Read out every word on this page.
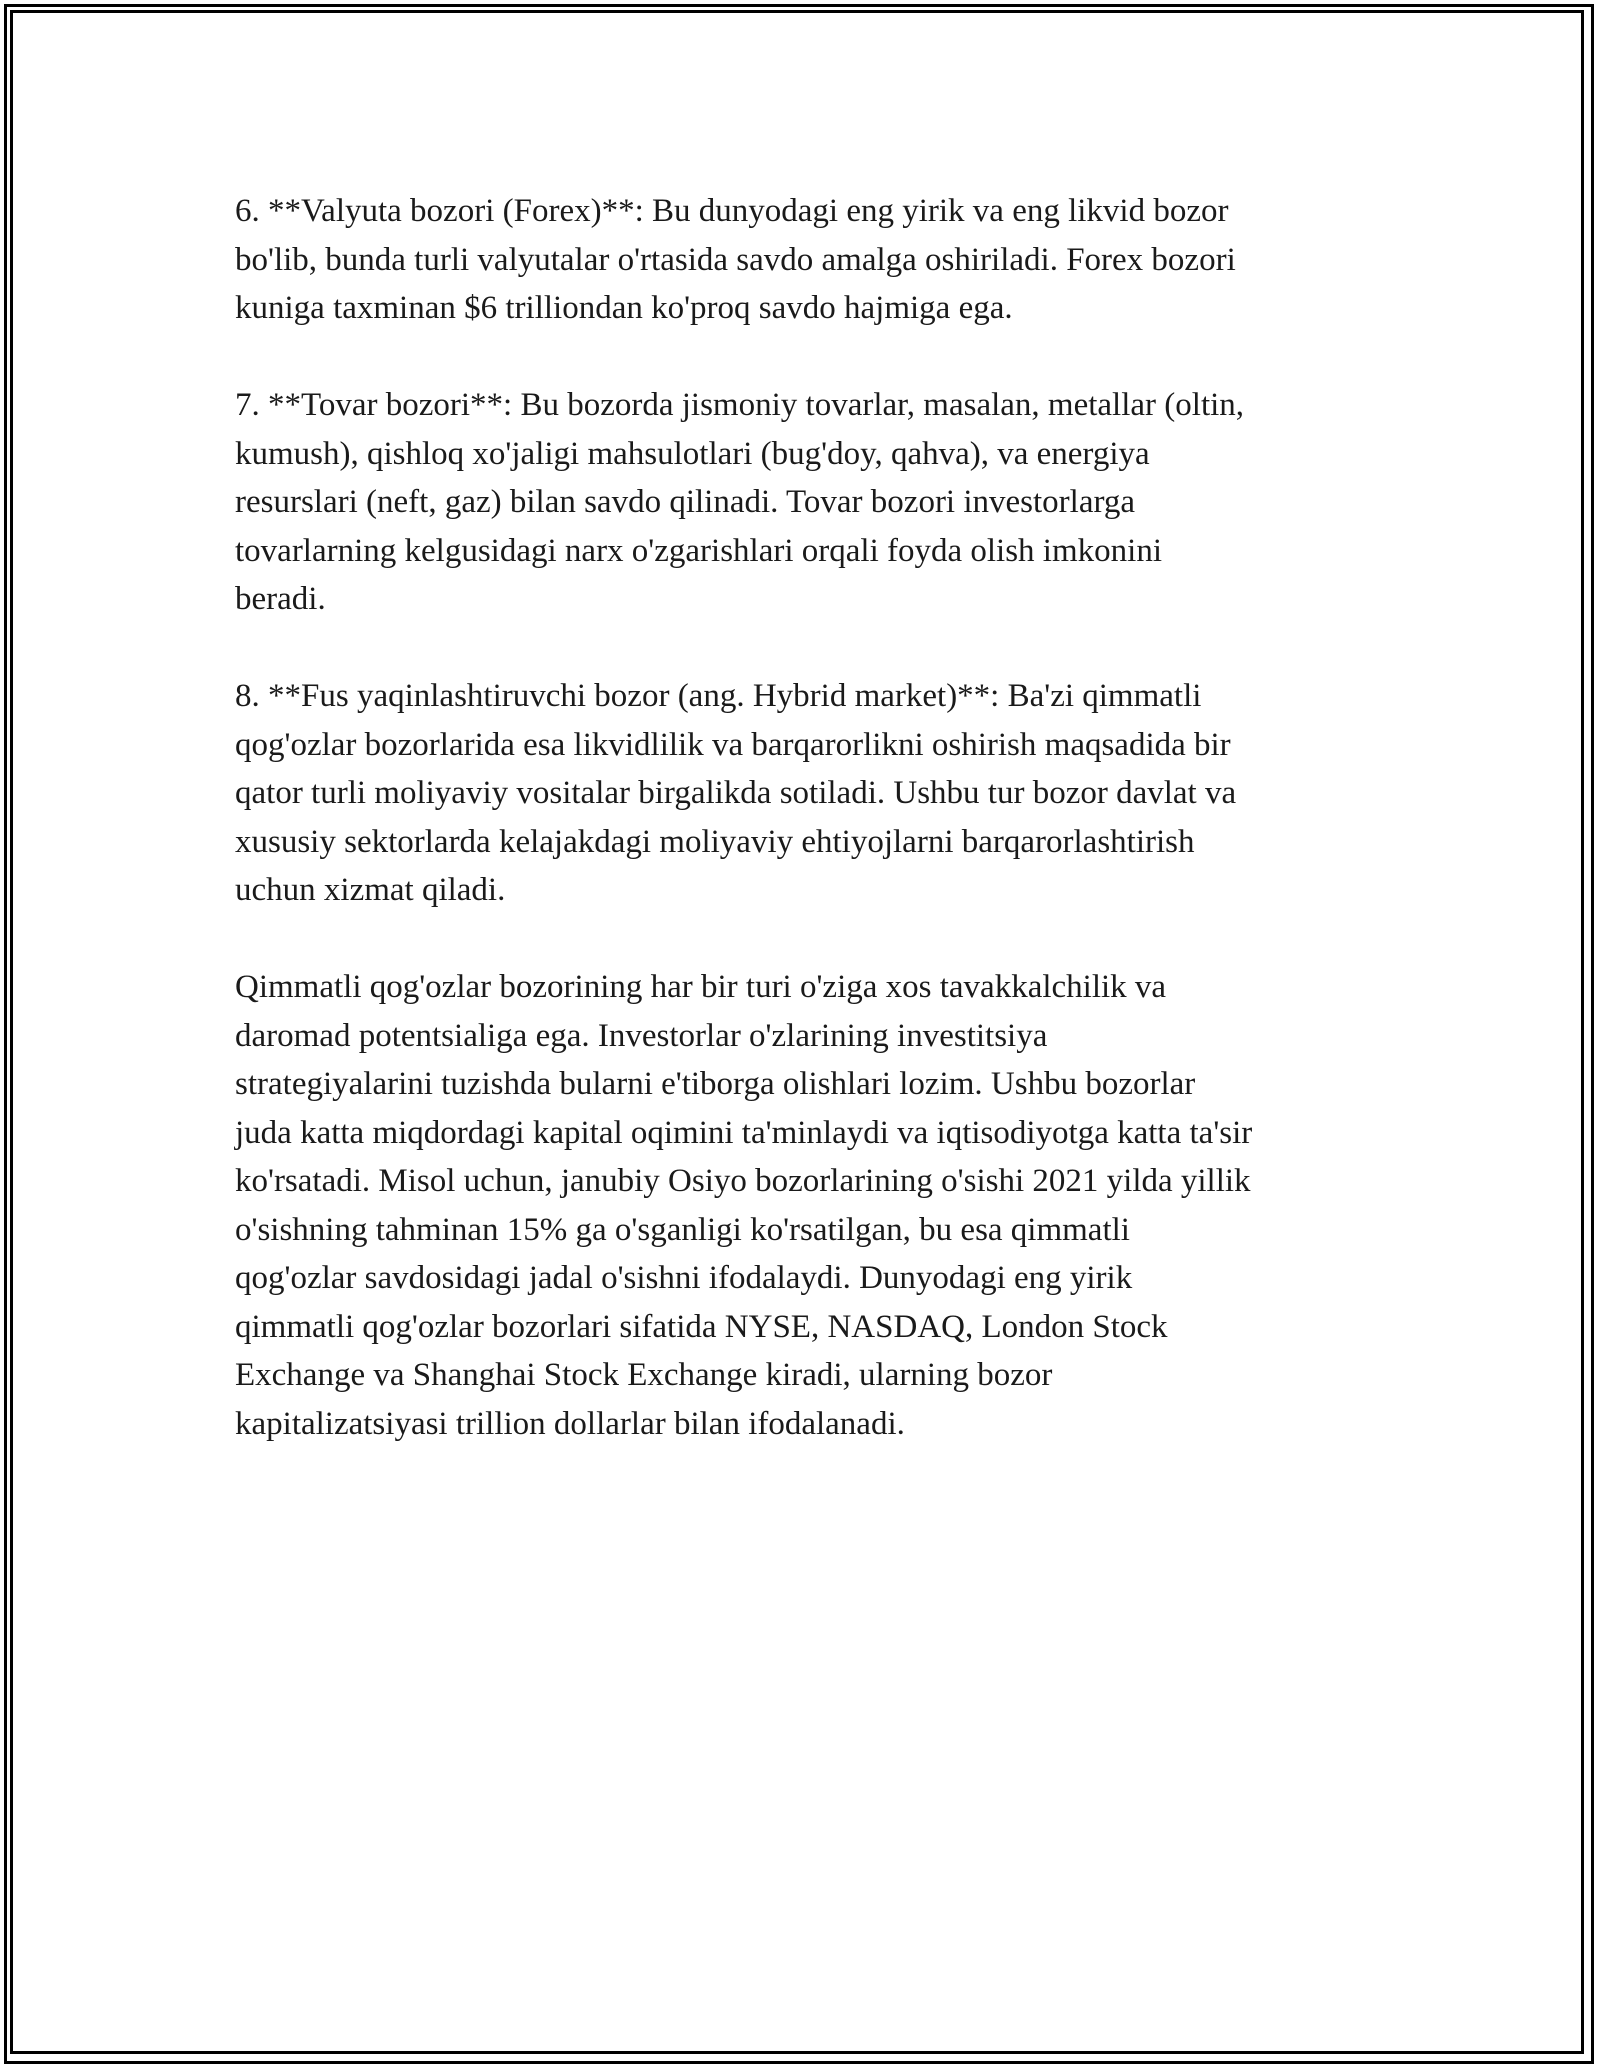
6. **Valyuta bozori (Forex)**: Bu dunyodagi eng yirik va eng likvid bozor
bo'lib, bunda turli valyutalar o'rtasida savdo amalga oshiriladi. Forex bozori
kuniga taxminan $6 trilliondan ko'proq savdo hajmiga ega.

7. **Tovar bozori**: Bu bozorda jismoniy tovarlar, masalan, metallar (oltin,
kumush), qishloq xo'jaligi mahsulotlari (bug'doy, qahva), va energiya
resurslari (neft, gaz) bilan savdo qilinadi. Tovar bozori investorlarga
tovarlarning kelgusidagi narx o'zgarishlari orqali foyda olish imkonini
beradi.

8. **Fus yaqinlashtiruvchi bozor (ang. Hybrid market)**: Ba'zi qimmatli
qog'ozlar bozorlarida esa likvidlilik va barqarorlikni oshirish maqsadida bir
qator turli moliyaviy vositalar birgalikda sotiladi. Ushbu tur bozor davlat va
xususiy sektorlarda kelajakdagi moliyaviy ehtiyojlarni barqarorlashtirish
uchun xizmat qiladi.

Qimmatli qog'ozlar bozorining har bir turi o'ziga xos tavakkalchilik va
daromad potentsialiga ega. Investorlar o'zlarining investitsiya
strategiyalarini tuzishda bularni e'tiborga olishlari lozim. Ushbu bozorlar
juda katta miqdordagi kapital oqimini ta'minlaydi va iqtisodiyotga katta ta'sir
ko'rsatadi. Misol uchun, janubiy Osiyo bozorlarining o'sishi 2021 yilda yillik
o'sishning tahminan 15% ga o'sganligi ko'rsatilgan, bu esa qimmatli
qog'ozlar savdosidagi jadal o'sishni ifodalaydi. Dunyodagi eng yirik
qimmatli qog'ozlar bozorlari sifatida NYSE, NASDAQ, London Stock
Exchange va Shanghai Stock Exchange kiradi, ularning bozor
kapitalizatsiyasi trillion dollarlar bilan ifodalanadi.
